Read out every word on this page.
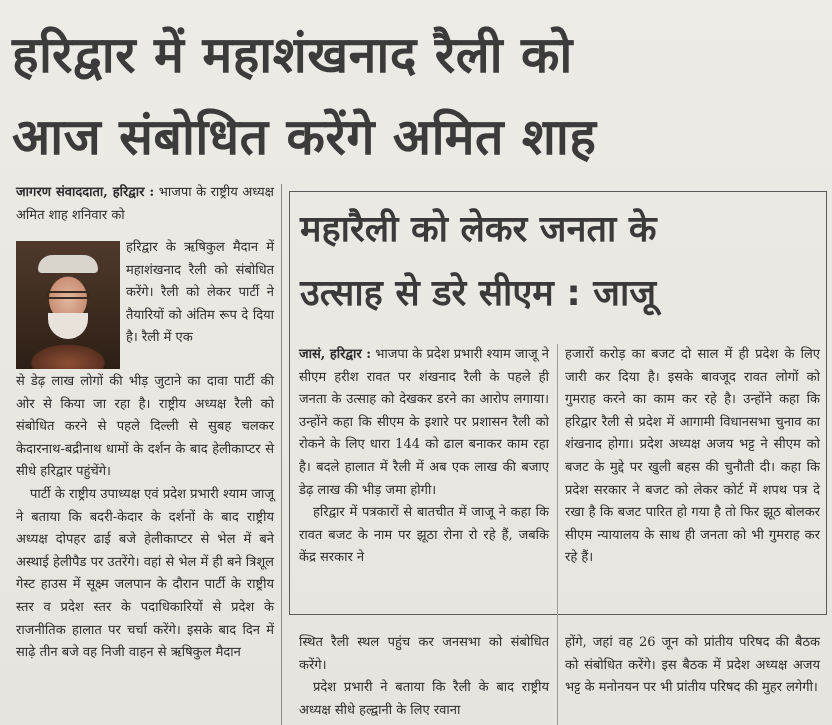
हरिद्वार में महाशंखनाद रैली को
आज संबोधित करेंगे अमित शाह

जागरण संवाददाता, हरिद्वार : भाजपा के राष्ट्रीय अध्यक्ष अमित शाह शनिवार को

हरिद्वार के ऋषिकुल मैदान में महाशंखनाद रैली को संबोधित करेंगे। रैली को लेकर पार्टी ने तैयारियों को अंतिम रूप दे दिया है। रैली में एक

से डेढ़ लाख लोगों की भीड़ जुटाने का दावा पार्टी की ओर से किया जा रहा है। राष्ट्रीय अध्यक्ष रैली को संबोधित करने से पहले दिल्ली से सुबह चलकर केदारनाथ-बद्रीनाथ धामों के दर्शन के बाद हेलीकाप्टर से सीधे हरिद्वार पहुंचेंगे।

पार्टी के राष्ट्रीय उपाध्यक्ष एवं प्रदेश प्रभारी श्याम जाजू ने बताया कि बदरी-केदार के दर्शनों के बाद राष्ट्रीय अध्यक्ष दोपहर ढाई बजे हेलीकाप्टर से भेल में बने अस्थाई हेलीपैड पर उतरेंगे। वहां से भेल में ही बने त्रिशूल गेस्ट हाउस में सूक्ष्म जलपान के दौरान पार्टी के राष्ट्रीय स्तर व प्रदेश स्तर के पदाधिकारियों से प्रदेश के राजनीतिक हालात पर चर्चा करेंगे। इसके बाद दिन में साढ़े तीन बजे वह निजी वाहन से ऋषिकुल मैदान

महारैली को लेकर जनता के
उत्साह से डरे सीएम : जाजू

जासं, हरिद्वार : भाजपा के प्रदेश प्रभारी श्याम जाजू ने सीएम हरीश रावत पर शंखनाद रैली के पहले ही जनता के उत्साह को देखकर डरने का आरोप लगाया। उन्होंने कहा कि सीएम के इशारे पर प्रशासन रैली को रोकने के लिए धारा 144 को ढाल बनाकर काम रहा है। बदले हालात में रैली में अब एक लाख की बजाए डेढ़ लाख की भीड़ जमा होगी।

हरिद्वार में पत्रकारों से बातचीत में जाजू ने कहा कि रावत बजट के नाम पर झूठा रोना रो रहे हैं, जबकि केंद्र सरकार ने

हजारों करोड़ का बजट दो साल में ही प्रदेश के लिए जारी कर दिया है। इसके बावजूद रावत लोगों को गुमराह करने का काम कर रहे है। उन्होंने कहा कि हरिद्वार रैली से प्रदेश में आगामी विधानसभा चुनाव का शंखनाद होगा। प्रदेश अध्यक्ष अजय भट्ट ने सीएम को बजट के मुद्दे पर खुली बहस की चुनौती दी। कहा कि प्रदेश सरकार ने बजट को लेकर कोर्ट में शपथ पत्र दे रखा है कि बजट पारित हो गया है तो फिर झूठ बोलकर सीएम न्यायालय के साथ ही जनता को भी गुमराह कर रहे हैं।

स्थित रैली स्थल पहुंच कर जनसभा को संबोधित करेंगे।

प्रदेश प्रभारी ने बताया कि रैली के बाद राष्ट्रीय अध्यक्ष सीधे हल्द्वानी के लिए रवाना

होंगे, जहां वह 26 जून को प्रांतीय परिषद की बैठक को संबोधित करेंगे। इस बैठक में प्रदेश अध्यक्ष अजय भट्ट के मनोनयन पर भी प्रांतीय परिषद की मुहर लगेगी।
